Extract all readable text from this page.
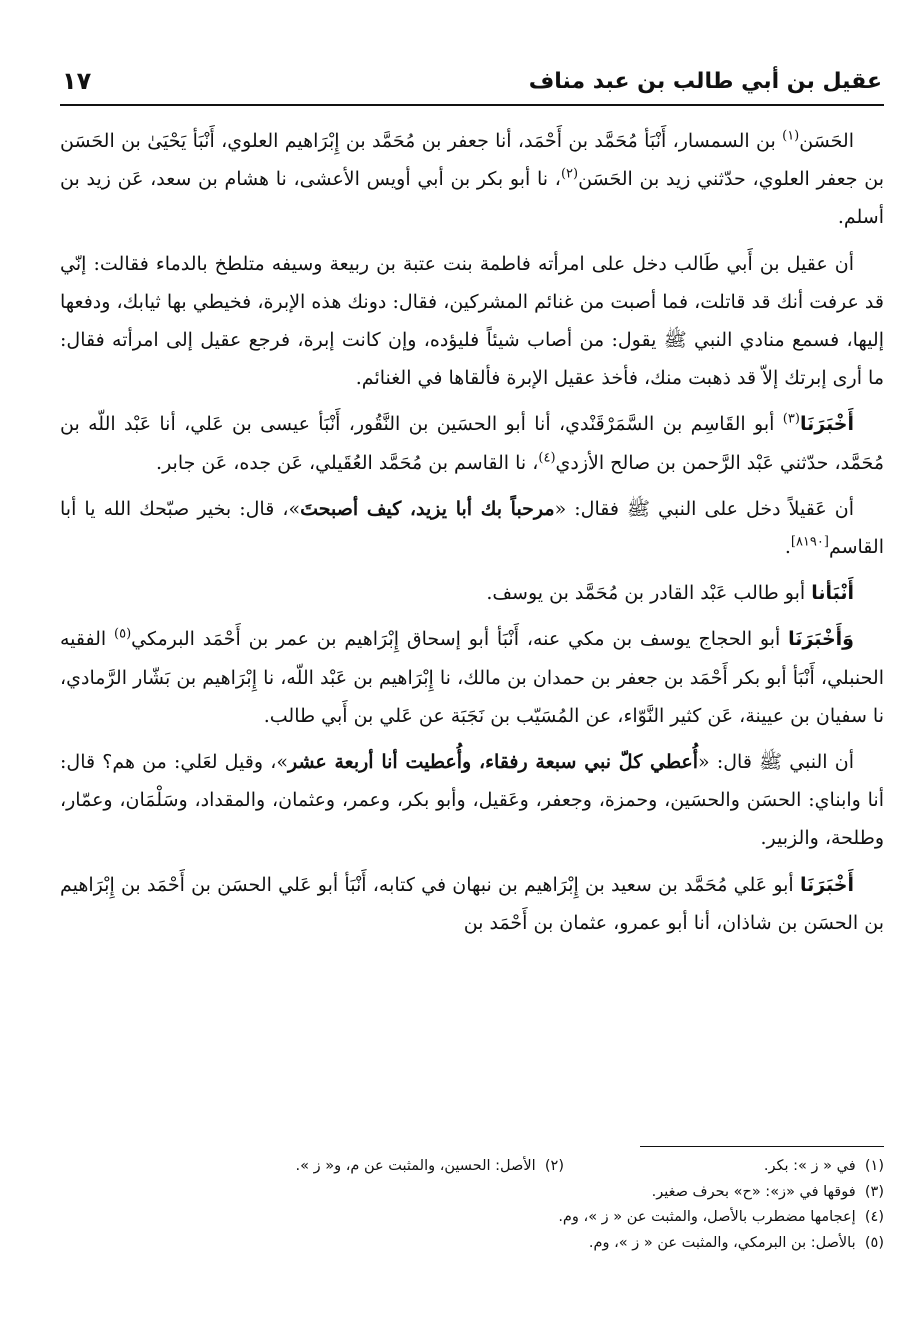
عقيل بن أبي طالب بن عبد مناف
١٧

الحَسَن$^{(١)}$ بن السمسار، أَنْبَأ مُحَمَّد بن أَحْمَد، أنا جعفر بن مُحَمَّد بن إِبْرَاهيم العلوي، أَنْبَأ يَحْيَىٰ بن الحَسَن بن جعفر العلوي، حدّثني زيد بن الحَسَن$^{(٢)}$، نا أبو بكر بن أبي أويس الأعشى، نا هشام بن سعد، عَن زيد بن أسلم.

أن عقيل بن أَبي طَالب دخل على امرأته فاطمة بنت عتبة بن ربيعة وسيفه متلطخ بالدماء فقالت: إنّي قد عرفت أنك قد قاتلت، فما أصبت من غنائم المشركين، فقال: دونك هذه الإبرة، فخيطي بها ثيابك، ودفعها إليها، فسمع منادي النبي ﷺ يقول: من أصاب شيئاً فليؤده، وإن كانت إبرة، فرجع عقيل إلى امرأته فقال: ما أرى إبرتك إلاّ قد ذهبت منك، فأخذ عقيل الإبرة فألقاها في الغنائم.

أَخْبَرَنَا$^{(٣)}$ أبو القَاسِم بن السَّمَرْقَنْدي، أنا أبو الحسَين بن النَّقُور، أَنْبَأ عيسى بن عَلي، أنا عَبْد اللّه بن مُحَمَّد، حدّثني عَبْد الرَّحمن بن صالح الأزدي$^{(٤)}$، نا القاسم بن مُحَمَّد العُقَيلي، عَن جده، عَن جابر.

أن عَقيلاً دخل على النبي ﷺ فقال: «مرحباً بك أبا يزيد، كيف أصبحتَ»، قال: بخير صبّحك الله يا أبا القاسم[٨١٩٠].

أَنْبَأنا أبو طالب عَبْد القادر بن مُحَمَّد بن يوسف.

وَأَخْبَرَنَا أبو الحجاج يوسف بن مكي عنه، أَنْبَأ أبو إسحاق إِبْرَاهيم بن عمر بن أَحْمَد البرمكي$^{(٥)}$ الفقيه الحنبلي، أَنْبَأ أبو بكر أَحْمَد بن جعفر بن حمدان بن مالك، نا إِبْرَاهيم بن عَبْد اللّه، نا إِبْرَاهيم بن بَشّار الرَّمادي، نا سفيان بن عيينة، عَن كثير النَّوّاء، عن المُسَيّب بن نَجَبَة عن عَلي بن أَبي طالب.

أن النبي ﷺ قال: «أُعطي كلّ نبي سبعة رفقاء، وأُعطيت أنا أربعة عشر»، وقيل لعَلي: من هم؟ قال: أنا وابناي: الحسَن والحسَين، وحمزة، وجعفر، وعَقيل، وأبو بكر، وعمر، وعثمان، والمقداد، وسَلْمَان، وعمّار، وطلحة، والزبير.

أَخْبَرَنَا أبو عَلي مُحَمَّد بن سعيد بن إِبْرَاهيم بن نبهان في كتابه، أَنْبَأ أبو عَلي الحسَن بن أَحْمَد بن إِبْرَاهيم بن الحسَن بن شاذان، أنا أبو عمرو، عثمان بن أَحْمَد بن

(١)  في « ز »: بكر.
(٢)  الأصل: الحسين، والمثبت عن م، و« ز ».
(٣)  فوقها في «ز»: «ح» بحرف صغير.
(٤)  إعجامها مضطرب بالأصل، والمثبت عن « ز »، وم.
(٥)  بالأصل: بن البرمكي، والمثبت عن « ز »، وم.
